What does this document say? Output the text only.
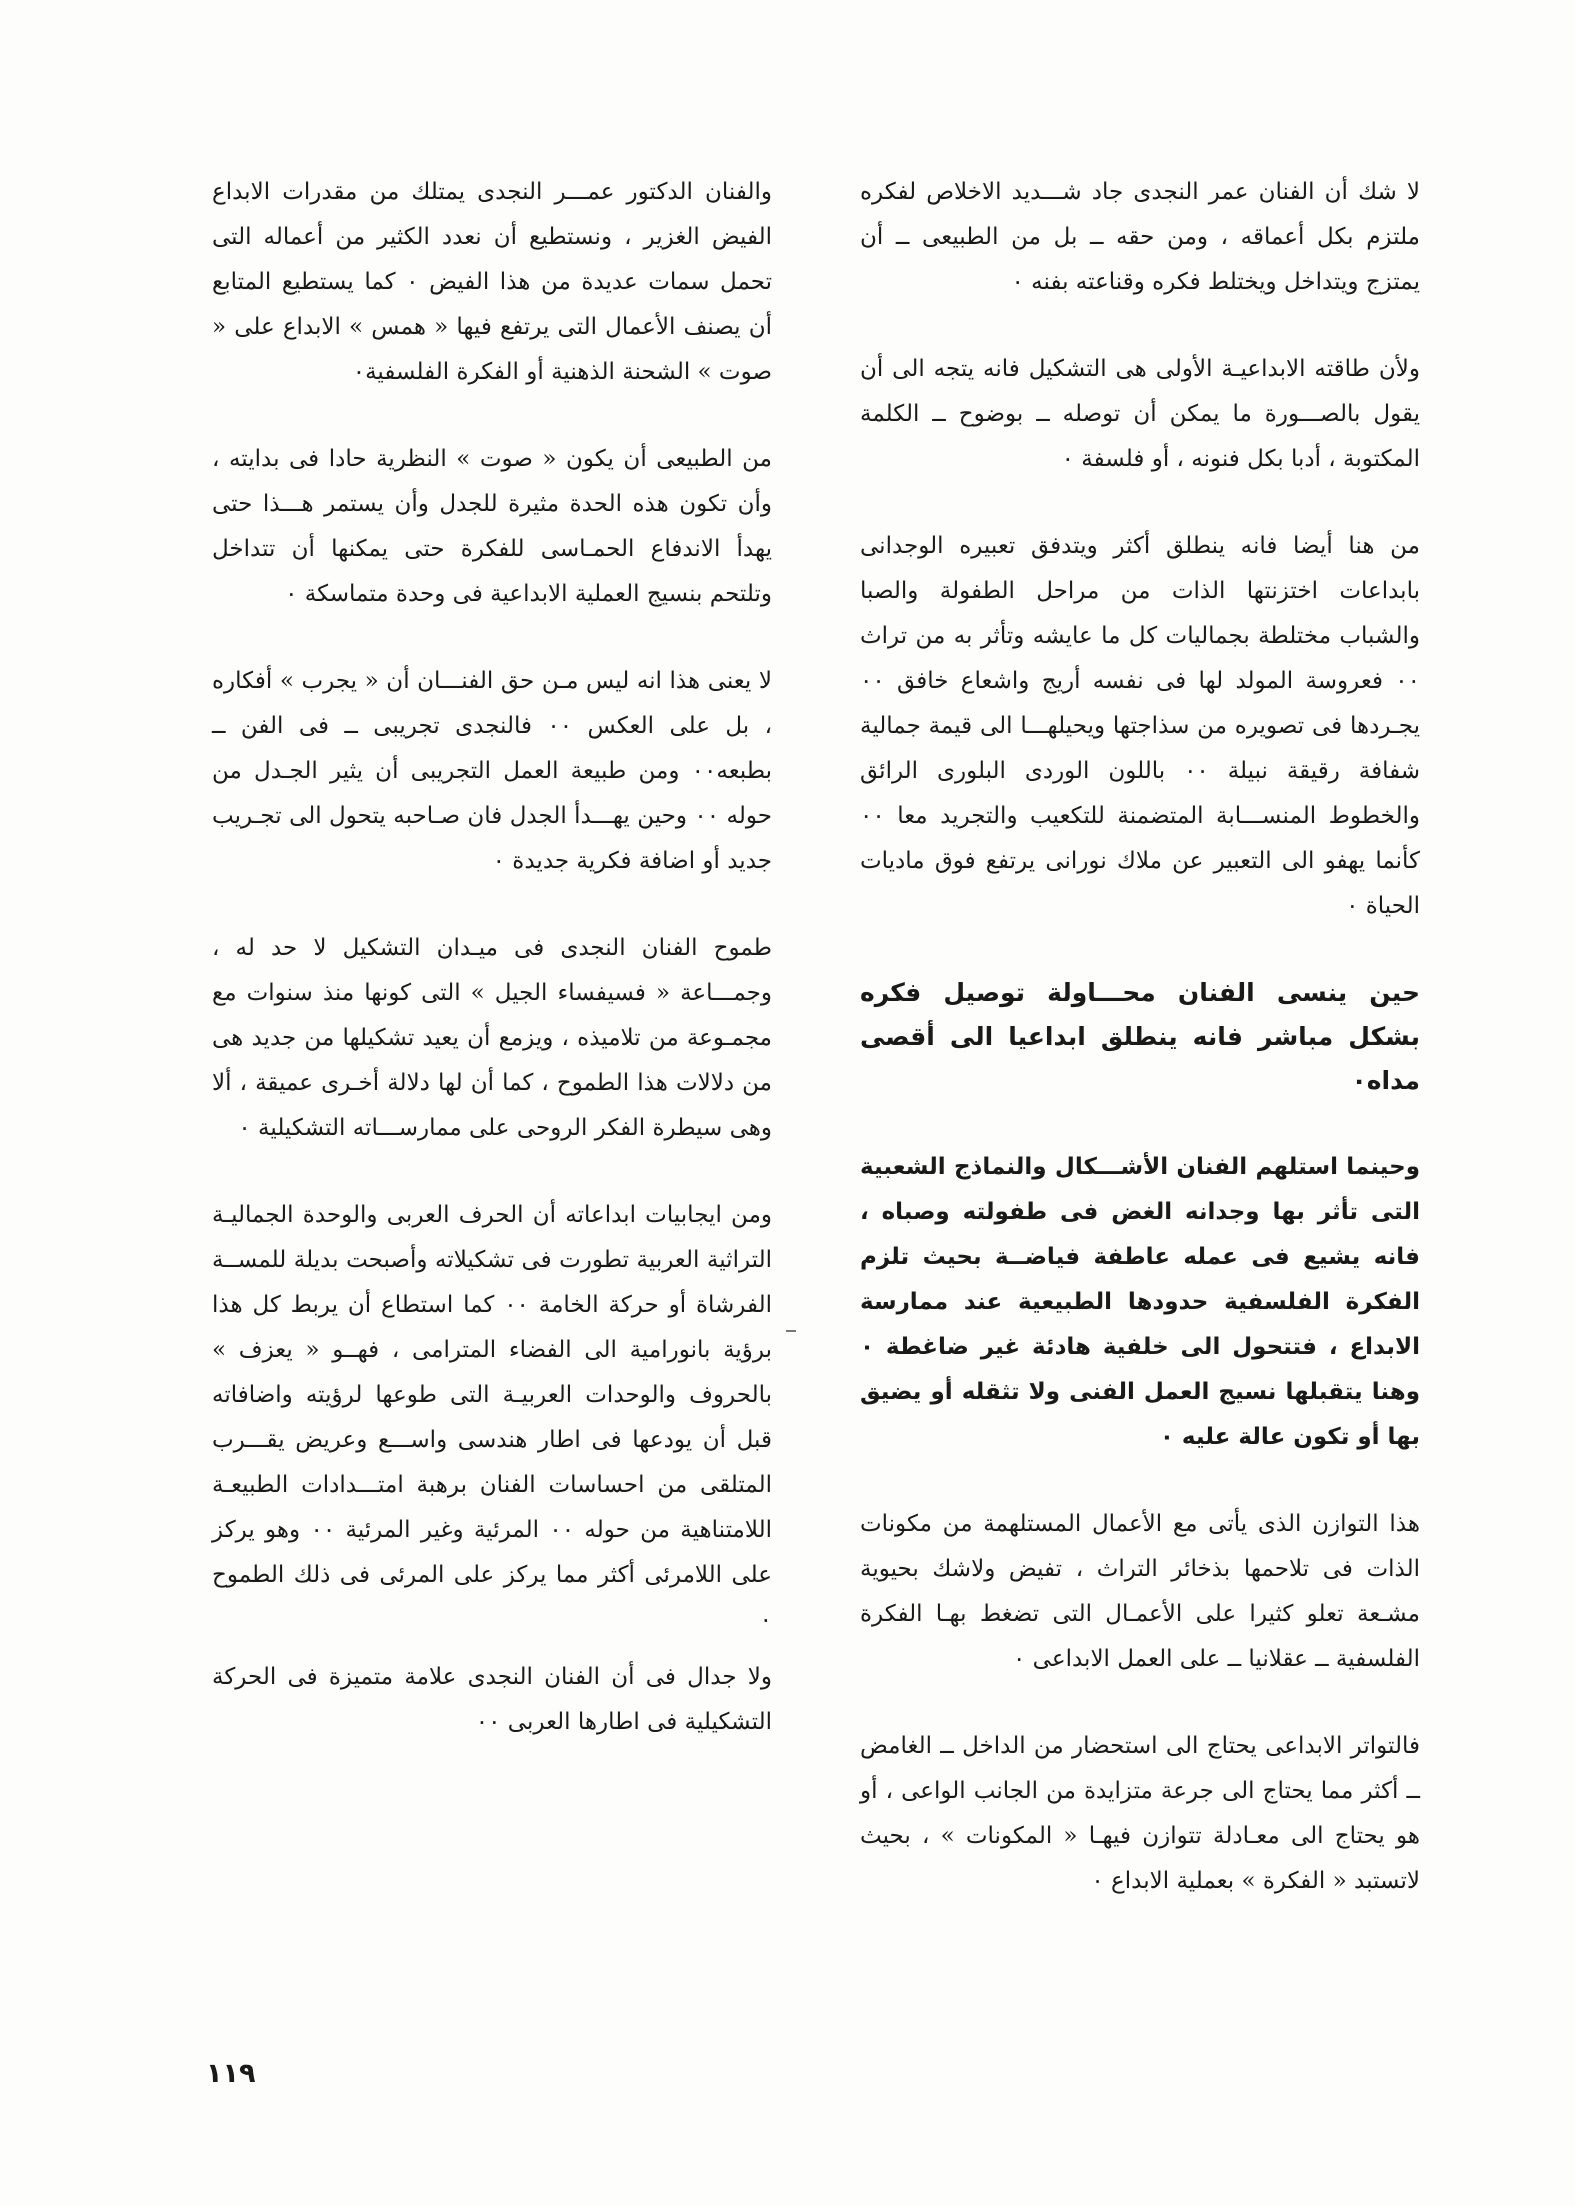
لا شك أن الفنان عمر النجدى جاد شـــديد الاخلاص لفكره ملتزم بكل أعماقه ، ومن حقه ــ بل من الطبيعى ــ أن يمتزج ويتداخل ويختلط فكره وقناعته بفنه ٠

ولأن طاقته الابداعيـة الأولى هى التشكيل فانه يتجه الى أن يقول بالصـــورة ما يمكن أن توصله ــ بوضوح ــ الكلمة المكتوبة ، أدبا بكل فنونه ، أو فلسفة ٠

من هنا أيضا فانه ينطلق أكثر ويتدفق تعبيره الوجدانى بابداعات اختزنتها الذات من مراحل الطفولة والصبا والشباب مختلطة بجماليات كل ما عايشه وتأثر به من تراث ٠٠ فعروسة المولد لها فى نفسه أريج واشعاع خافق ٠٠ يجـردها فى تصويره من سذاجتها ويحيلهـــا الى قيمة جمالية شفافة رقيقة نبيلة ٠٠ باللون الوردى البلورى الرائق والخطوط المنســـابة المتضمنة للتكعيب والتجريد معا ٠٠ كأنما يهفو الى التعبير عن ملاك نورانى يرتفع فوق ماديات الحياة ٠

حين ينسى الفنان محـــاولة توصيل فكره بشكل مباشر فانه ينطلق ابداعيا الى أقصى مداه٠

وحينما استلهم الفنان الأشـــكال والنماذج الشعبية التى تأثر بها وجدانه الغض فى طفولته وصباه ، فانه يشيع فى عمله عاطفة فياضــة بحيث تلزم الفكرة الفلسفية حدودها الطبيعية عند ممارسة الابداع ، فتتحول الى خلفية هادئة غير ضاغطة ٠ وهنا يتقبلها نسيج العمل الفنى ولا تثقله أو يضيق بها أو تكون عالة عليه ٠

هذا التوازن الذى يأتى مع الأعمال المستلهمة من مكونات الذات فى تلاحمها بذخائر التراث ، تفيض ولاشك بحيوية مشـعة تعلو كثيرا على الأعمـال التى تضغط بهـا الفكرة الفلسفية ــ عقلانيا ــ على العمل الابداعى ٠

فالتواتر الابداعى يحتاج الى استحضار من الداخل ــ الغامض ــ أكثر مما يحتاج الى جرعة متزايدة من الجانب الواعى ، أو هو يحتاج الى معـادلة تتوازن فيهـا « المكونات » ، بحيث لاتستبد « الفكرة » بعملية الابداع ٠

والفنان الدكتور عمـــر النجدى يمتلك من مقدرات الابداع الفيض الغزير ، ونستطيع أن نعدد الكثير من أعماله التى تحمل سمات عديدة من هذا الفيض ٠ كما يستطيع المتابع أن يصنف الأعمال التى يرتفع فيها « همس » الابداع على « صوت » الشحنة الذهنية أو الفكرة الفلسفية٠

من الطبيعى أن يكون « صوت » النظرية حادا فى بدايته ، وأن تكون هذه الحدة مثيرة للجدل وأن يستمر هـــذا حتى يهدأ الاندفاع الحمـاسى للفكرة حتى يمكنها أن تتداخل وتلتحم بنسيج العملية الابداعية فى وحدة متماسكة ٠

لا يعنى هذا انه ليس مـن حق الفنـــان أن « يجرب » أفكاره ، بل على العكس ٠٠ فالنجدى تجريبى ــ فى الفن ــ بطبعه٠٠ ومن طبيعة العمل التجريبى أن يثير الجـدل من حوله ٠٠ وحين يهـــدأ الجدل فان صـاحبه يتحول الى تجـريب جديد أو اضافة فكرية جديدة ٠

طموح الفنان النجدى فى ميـدان التشكيل لا حد له ، وجمـــاعة « فسيفساء الجيل » التى كونها منذ سنوات مع مجمـوعة من تلاميذه ، ويزمع أن يعيد تشكيلها من جديد هى من دلالات هذا الطموح ، كما أن لها دلالة أخـرى عميقة ، ألا وهى سيطرة الفكر الروحى على ممارســـاته التشكيلية ٠

ومن ايجابيات ابداعاته أن الحرف العربى والوحدة الجماليـة التراثية العربية تطورت فى تشكيلاته وأصبحت بديلة للمســة الفرشاة أو حركة الخامة ٠٠ كما استطاع أن يربط كل هذا برؤية بانورامية الى الفضاء المترامى ، فهــو « يعزف » بالحروف والوحدات العربيـة التى طوعها لرؤيته واضافاته قبل أن يودعها فى اطار هندسى واســـع وعريض يقـــرب المتلقى من احساسات الفنان برهبة امتـــدادات الطبيعـة اللامتناهية من حوله ٠٠ المرئية وغير المرئية ٠٠ وهو يركز على اللامرئى أكثر مما يركز على المرئى فى ذلك الطموح ٠

ولا جدال فى أن الفنان النجدى علامة متميزة فى الحركة التشكيلية فى اطارها العربى ٠٠

١١٩
